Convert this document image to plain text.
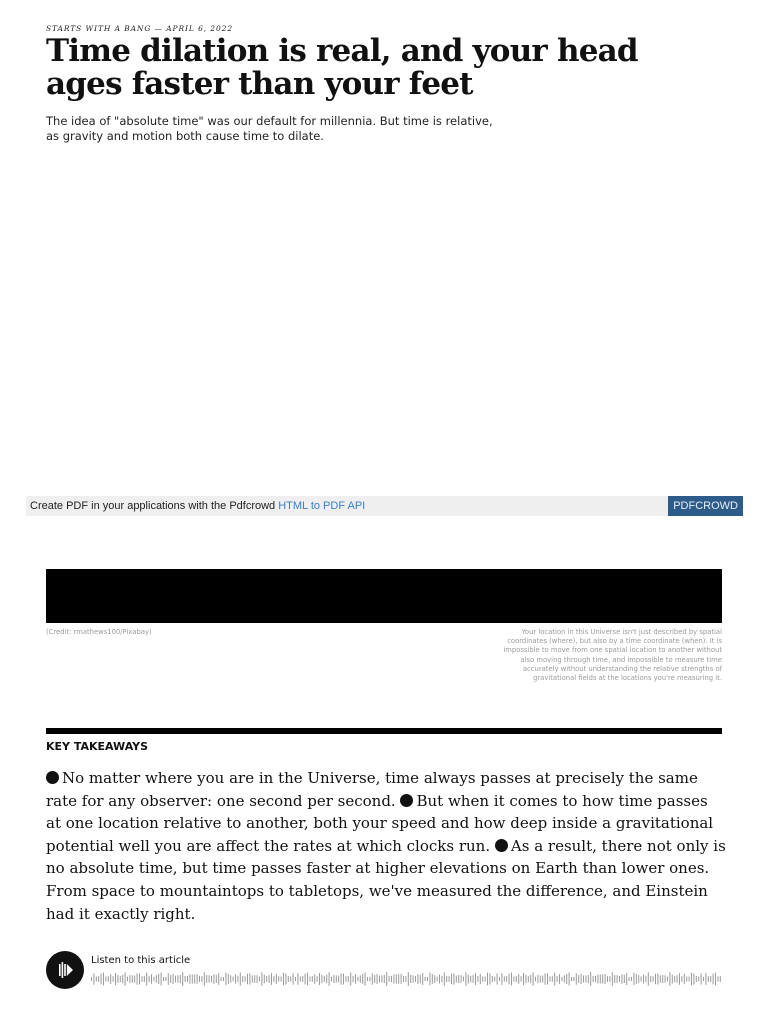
STARTS WITH A BANG — APRIL 6, 2022
Time dilation is real, and your head ages faster than your feet

The idea of "absolute time" was our default for millennia. But time is relative, as gravity and motion both cause time to dilate.

Create PDF in your applications with the Pdfcrowd HTML to PDF API	PDFCROWD
(Credit: rmathews100/Pixabay)	Your location in this Universe isn't just described by spatial coordinates (where), but also by a time coordinate (when). It is impossible to move from one spatial location to another without also moving through time, and impossible to measure time accurately without understanding the relative strengths of gravitational fields at the locations you're measuring it.

KEY TAKEAWAYS

No matter where you are in the Universe, time always passes at precisely the same rate for any observer: one second per second. But when it comes to how time passes at one location relative to another, both your speed and how deep inside a gravitational potential well you are affect the rates at which clocks run. As a result, there not only is no absolute time, but time passes faster at higher elevations on Earth than lower ones. From space to mountaintops to tabletops, we've measured the difference, and Einstein had it exactly right.

Listen to this article
